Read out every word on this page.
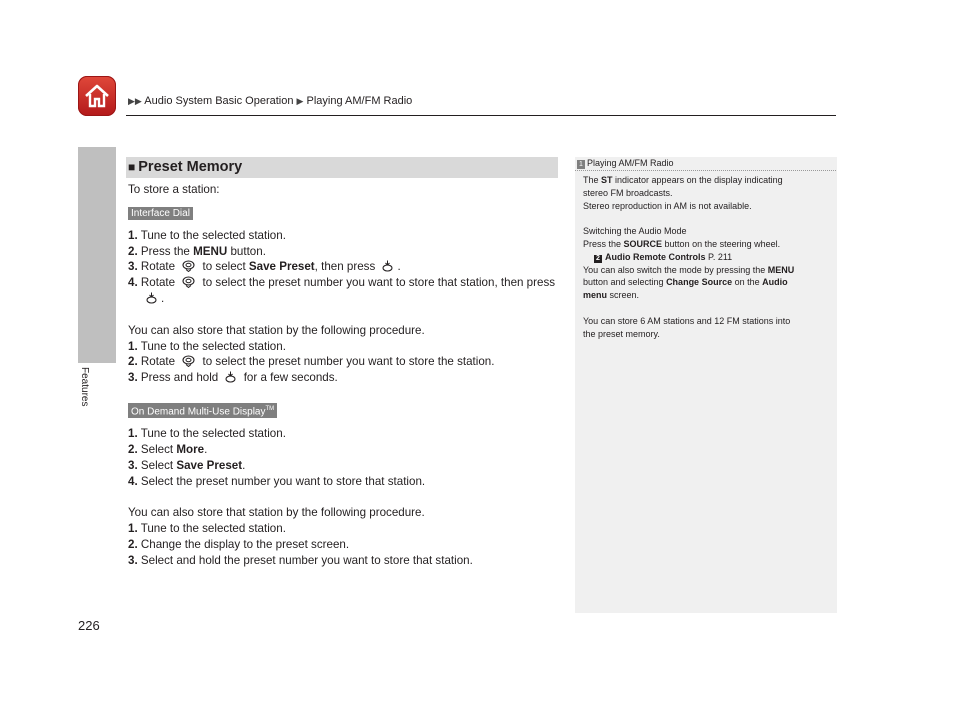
▶▶ Audio System Basic Operation ▶ Playing AM/FM Radio
Features
226
■ Preset Memory
To store a station:
Interface Dial
1. Tune to the selected station.
2. Press the MENU button.
3. Rotate  to select Save Preset, then press .
4. Rotate  to select the preset number you want to store that station, then press .
You can also store that station by the following procedure.
1. Tune to the selected station.
2. Rotate  to select the preset number you want to store the station.
3. Press and hold  for a few seconds.
On Demand Multi-Use Display™
1. Tune to the selected station.
2. Select More.
3. Select Save Preset.
4. Select the preset number you want to store that station.
You can also store that station by the following procedure.
1. Tune to the selected station.
2. Change the display to the preset screen.
3. Select and hold the preset number you want to store that station.
1 Playing AM/FM Radio

The ST indicator appears on the display indicating

stereo FM broadcasts.

Stereo reproduction in AM is not available.

Switching the Audio Mode

Press the SOURCE button on the steering wheel.

2 Audio Remote Controls P. 211

You can also switch the mode by pressing the MENU

button and selecting Change Source on the Audio

menu screen.

You can store 6 AM stations and 12 FM stations into

the preset memory.
